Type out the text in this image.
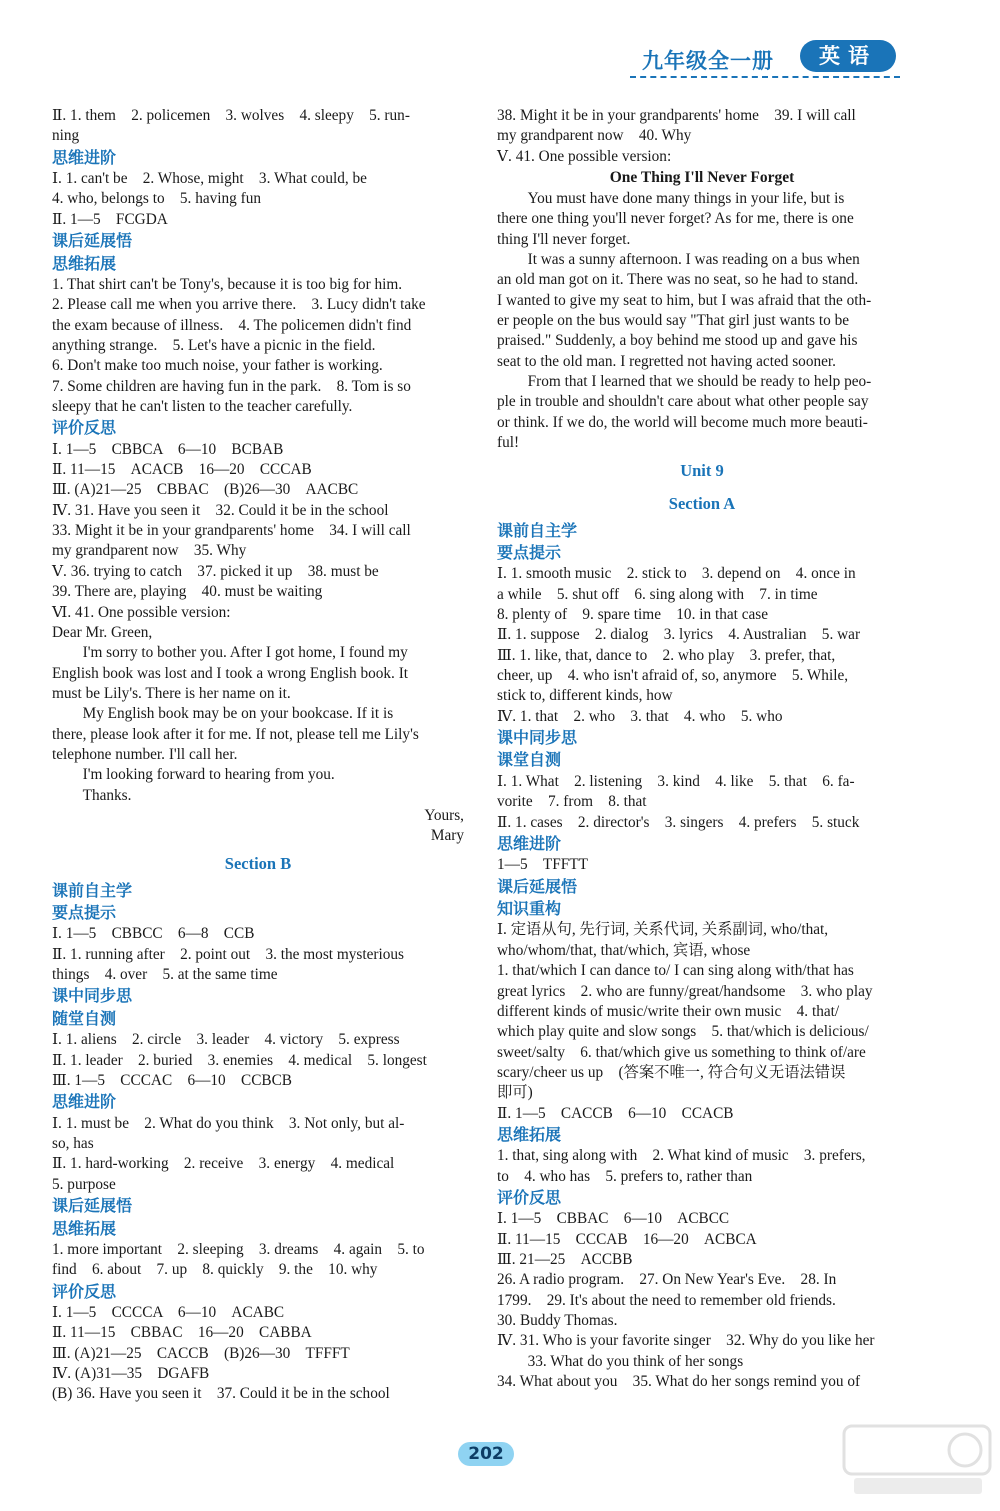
九年级全一册	英语

Ⅱ. 1. them　2. policemen　3. wolves　4. sleepy　5. run-

ning

思维进阶

Ⅰ. 1. can't be　2. Whose, might　3. What could, be

4. who, belongs to　5. having fun

Ⅱ. 1—5　FCGDA

课后延展悟

思维拓展

1. That shirt can't be Tony's, because it is too big for him.

2. Please call me when you arrive there.　3. Lucy didn't take

the exam because of illness.　4. The policemen didn't find

anything strange.　5. Let's have a picnic in the field.

6. Don't make too much noise, your father is working.

7. Some children are having fun in the park.　8. Tom is so

sleepy that he can't listen to the teacher carefully.

评价反思

Ⅰ. 1—5　CBBCA　6—10　BCBAB

Ⅱ. 11—15　ACACB　16—20　CCCAB

Ⅲ. (A)21—25　CBBAC　(B)26—30　AACBC

Ⅳ. 31. Have you seen it　32. Could it be in the school

33. Might it be in your grandparents' home　34. I will call

my grandparent now　35. Why

Ⅴ. 36. trying to catch　37. picked it up　38. must be

39. There are, playing　40. must be waiting

Ⅵ. 41. One possible version:

Dear Mr. Green,

I'm sorry to bother you. After I got home, I found my

English book was lost and I took a wrong English book. It

must be Lily's. There is her name on it.

My English book may be on your bookcase. If it is

there, please look after it for me. If not, please tell me Lily's

telephone number. I'll call her.

I'm looking forward to hearing from you.

Thanks.

Yours,

Mary

Section B

课前自主学

要点提示

Ⅰ. 1—5　CBBCC　6—8　CCB

Ⅱ. 1. running after　2. point out　3. the most mysterious

things　4. over　5. at the same time

课中同步思

随堂自测

Ⅰ. 1. aliens　2. circle　3. leader　4. victory　5. express

Ⅱ. 1. leader　2. buried　3. enemies　4. medical　5. longest

Ⅲ. 1—5　CCCAC　6—10　CCBCB

思维进阶

Ⅰ. 1. must be　2. What do you think　3. Not only, but al-

so, has

Ⅱ. 1. hard-working　2. receive　3. energy　4. medical

5. purpose

课后延展悟

思维拓展

1. more important　2. sleeping　3. dreams　4. again　5. to

find　6. about　7. up　8. quickly　9. the　10. why

评价反思

Ⅰ. 1—5　CCCCA　6—10　ACABC

Ⅱ. 11—15　CBBAC　16—20　CABBA

Ⅲ. (A)21—25　CACCB　(B)26—30　TFFFT

Ⅳ. (A)31—35　DGAFB

(B) 36. Have you seen it　37. Could it be in the school

38. Might it be in your grandparents' home　39. I will call

my grandparent now　40. Why

Ⅴ. 41. One possible version:

One Thing I'll Never Forget

You must have done many things in your life, but is

there one thing you'll never forget? As for me, there is one

thing I'll never forget.

It was a sunny afternoon. I was reading on a bus when

an old man got on it. There was no seat, so he had to stand.

I wanted to give my seat to him, but I was afraid that the oth-

er people on the bus would say "That girl just wants to be

praised." Suddenly, a boy behind me stood up and gave his

seat to the old man. I regretted not having acted sooner.

From that I learned that we should be ready to help peo-

ple in trouble and shouldn't care about what other people say

or think. If we do, the world will become much more beauti-

ful!

Unit 9

Section A

课前自主学

要点提示

Ⅰ. 1. smooth music　2. stick to　3. depend on　4. once in

a while　5. shut off　6. sing along with　7. in time

8. plenty of　9. spare time　10. in that case

Ⅱ. 1. suppose　2. dialog　3. lyrics　4. Australian　5. war

Ⅲ. 1. like, that, dance to　2. who play　3. prefer, that,

cheer, up　4. who isn't afraid of, so, anymore　5. While,

stick to, different kinds, how

Ⅳ. 1. that　2. who　3. that　4. who　5. who

课中同步思

课堂自测

Ⅰ. 1. What　2. listening　3. kind　4. like　5. that　6. fa-

vorite　7. from　8. that

Ⅱ. 1. cases　2. director's　3. singers　4. prefers　5. stuck

思维进阶

1—5　TFFTT

课后延展悟

知识重构

Ⅰ. 定语从句, 先行词, 关系代词, 关系副词, who/that,

who/whom/that, that/which, 宾语, whose

1. that/which I can dance to/ I can sing along with/that has

great lyrics　2. who are funny/great/handsome　3. who play

different kinds of music/write their own music　4. that/

which play quite and slow songs　5. that/which is delicious/

sweet/salty　6. that/which give us something to think of/are

scary/cheer us up　(答案不唯一, 符合句义无语法错误

即可)

Ⅱ. 1—5　CACCB　6—10　CCACB

思维拓展

1. that, sing along with　2. What kind of music　3. prefers,

to　4. who has　5. prefers to, rather than

评价反思

Ⅰ. 1—5　CBBAC　6—10　ACBCC

Ⅱ. 11—15　CCCAB　16—20　ACBCA

Ⅲ. 21—25　ACCBB

26. A radio program.　27. On New Year's Eve.　28. In

1799.　29. It's about the need to remember old friends.

30. Buddy Thomas.

Ⅳ. 31. Who is your favorite singer　32. Why do you like her

33. What do you think of her songs

34. What about you　35. What do her songs remind you of

202
